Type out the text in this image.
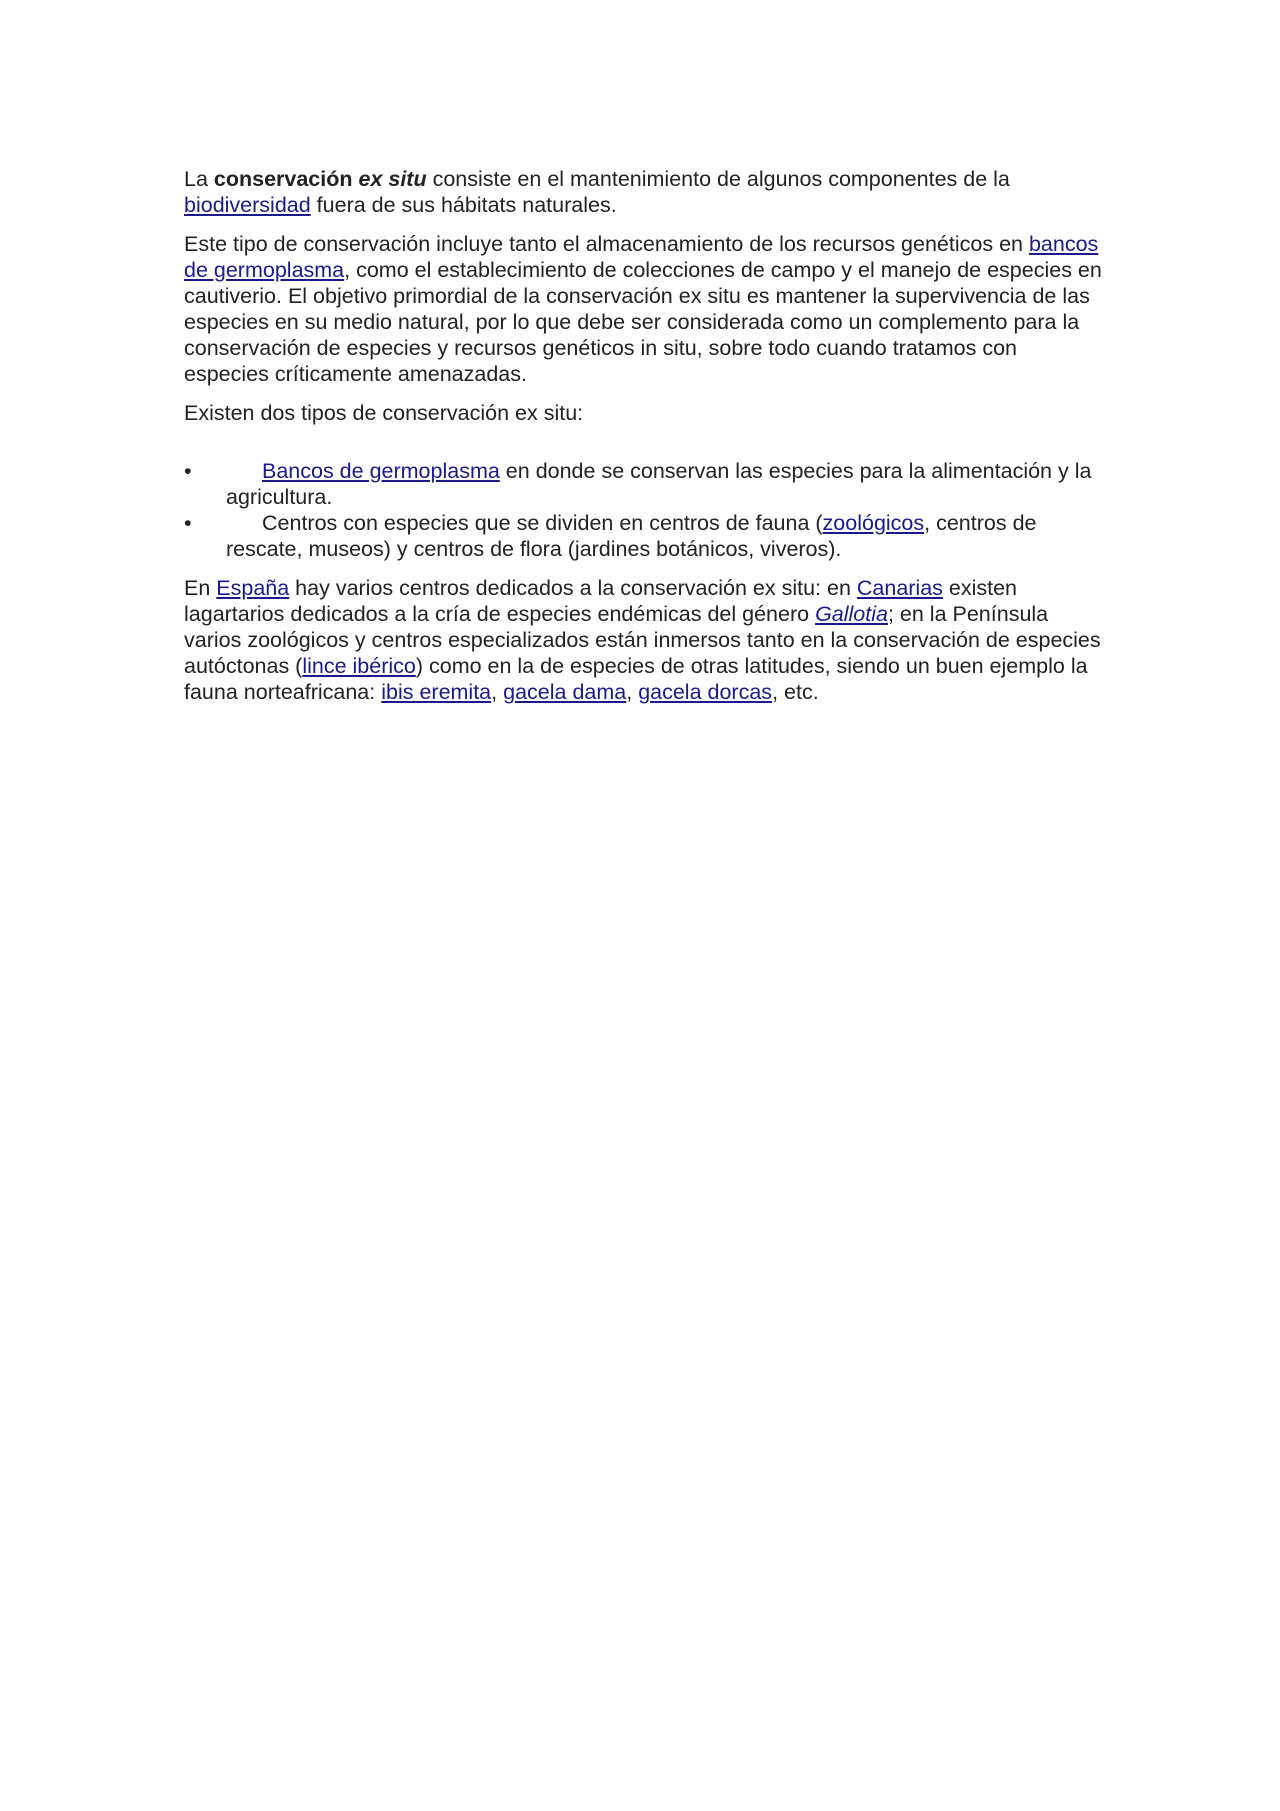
La conservación ex situ consiste en el mantenimiento de algunos componentes de la biodiversidad fuera de sus hábitats naturales.

Este tipo de conservación incluye tanto el almacenamiento de los recursos genéticos en bancos de germoplasma, como el establecimiento de colecciones de campo y el manejo de especies en cautiverio. El objetivo primordial de la conservación ex situ es mantener la supervivencia de las especies en su medio natural, por lo que debe ser considerada como un complemento para la conservación de especies y recursos genéticos in situ, sobre todo cuando tratamos con especies críticamente amenazadas.

Existen dos tipos de conservación ex situ:

•	Bancos de germoplasma en donde se conservan las especies para la alimentación y la agricultura.
•	Centros con especies que se dividen en centros de fauna (zoológicos, centros de rescate, museos) y centros de flora (jardines botánicos, viveros).

En España hay varios centros dedicados a la conservación ex situ: en Canarias existen lagartarios dedicados a la cría de especies endémicas del género Gallotia; en la Península varios zoológicos y centros especializados están inmersos tanto en la conservación de especies autóctonas (lince ibérico) como en la de especies de otras latitudes, siendo un buen ejemplo la fauna norteafricana: ibis eremita, gacela dama, gacela dorcas, etc.
